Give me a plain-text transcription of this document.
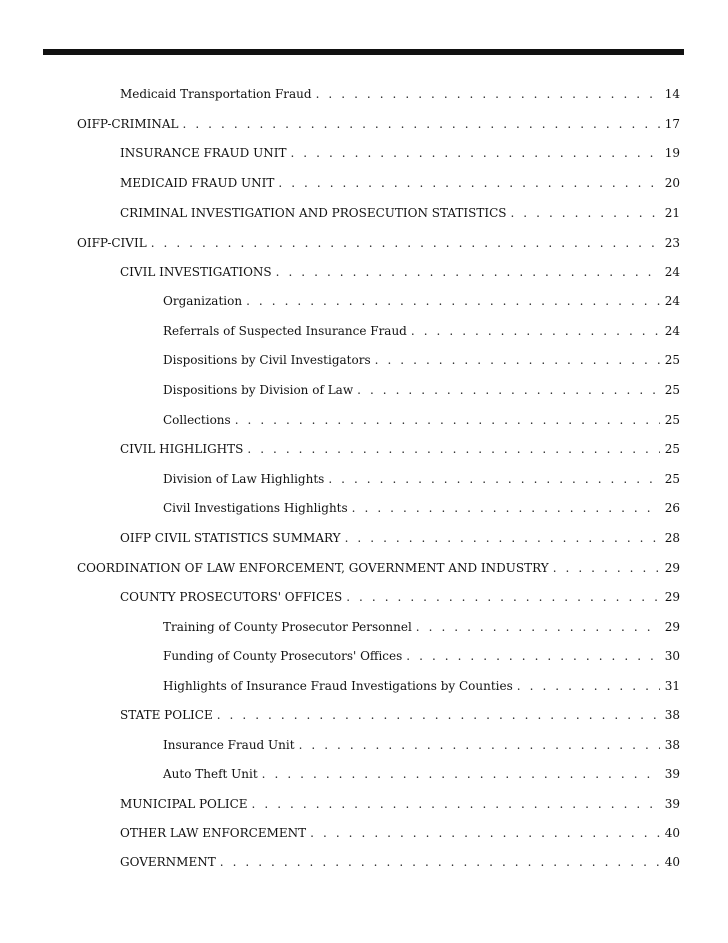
Medicaid Transportation Fraud . . .	14
OIFP-CRIMINAL . . .	17
INSURANCE FRAUD UNIT . . .	19
MEDICAID FRAUD UNIT . . .	20
CRIMINAL INVESTIGATION AND PROSECUTION STATISTICS . . .	21
OIFP-CIVIL . . .	23
CIVIL INVESTIGATIONS . . .	24
Organization . . .	24
Referrals of Suspected Insurance Fraud . . .	24
Dispositions by Civil Investigators . . .	25
Dispositions by Division of Law . . .	25
Collections . . .	25
CIVIL HIGHLIGHTS . . .	25
Division of Law Highlights . . .	25
Civil Investigations Highlights . . .	26
OIFP CIVIL STATISTICS SUMMARY . . .	28
COORDINATION OF LAW ENFORCEMENT, GOVERNMENT AND INDUSTRY . . .	29
COUNTY PROSECUTORS' OFFICES . . .	29
Training of County Prosecutor Personnel . . .	29
Funding of County Prosecutors' Offices . . .	30
Highlights of Insurance Fraud Investigations by Counties . . .	31
STATE POLICE . . .	38
Insurance Fraud Unit . . .	38
Auto Theft Unit . . .	39
MUNICIPAL POLICE . . .	39
OTHER LAW ENFORCEMENT . . .	40
GOVERNMENT . . .	40
